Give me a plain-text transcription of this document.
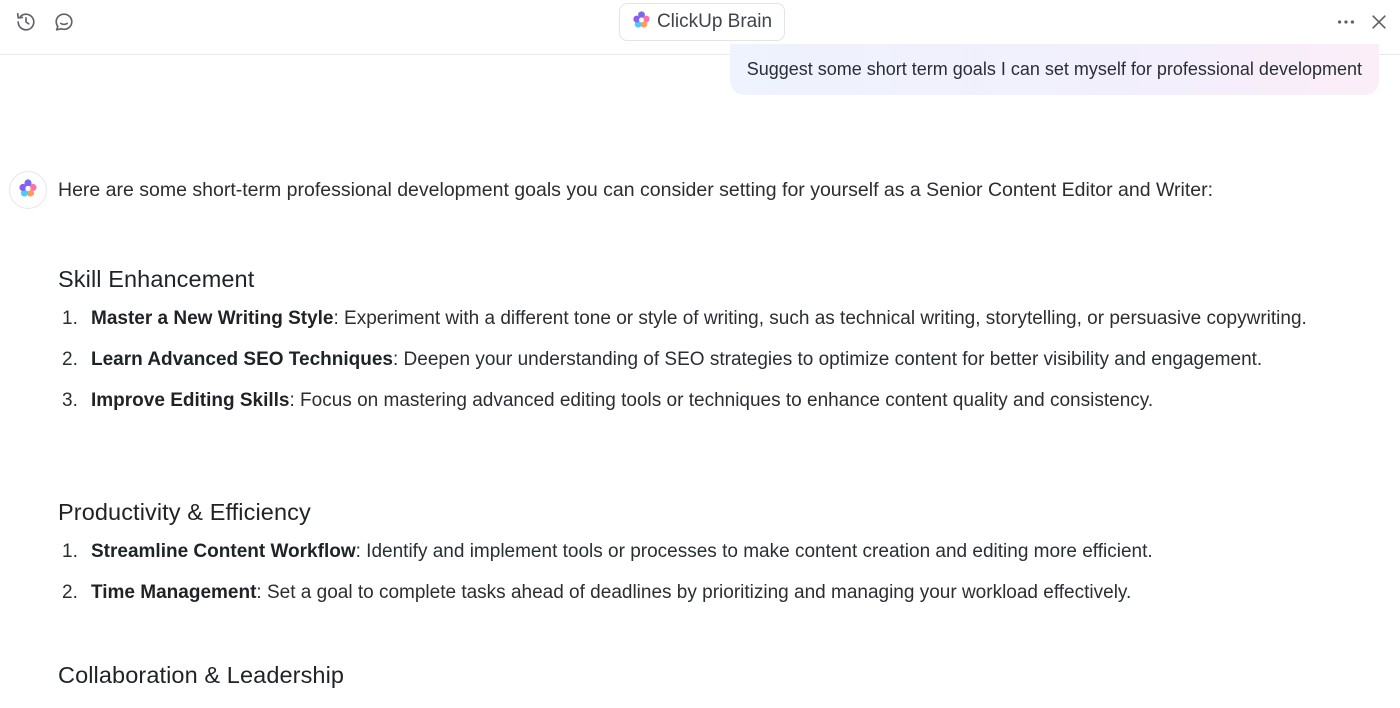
ClickUp Brain
Suggest some short term goals I can set myself for professional development

Here are some short-term professional development goals you can consider setting for yourself as a Senior Content Editor and Writer:

Skill Enhancement
1. Master a New Writing Style: Experiment with a different tone or style of writing, such as technical writing, storytelling, or persuasive copywriting.
2. Learn Advanced SEO Techniques: Deepen your understanding of SEO strategies to optimize content for better visibility and engagement.
3. Improve Editing Skills: Focus on mastering advanced editing tools or techniques to enhance content quality and consistency.
Productivity & Efficiency
1. Streamline Content Workflow: Identify and implement tools or processes to make content creation and editing more efficient.
2. Time Management: Set a goal to complete tasks ahead of deadlines by prioritizing and managing your workload effectively.
Collaboration & Leadership
